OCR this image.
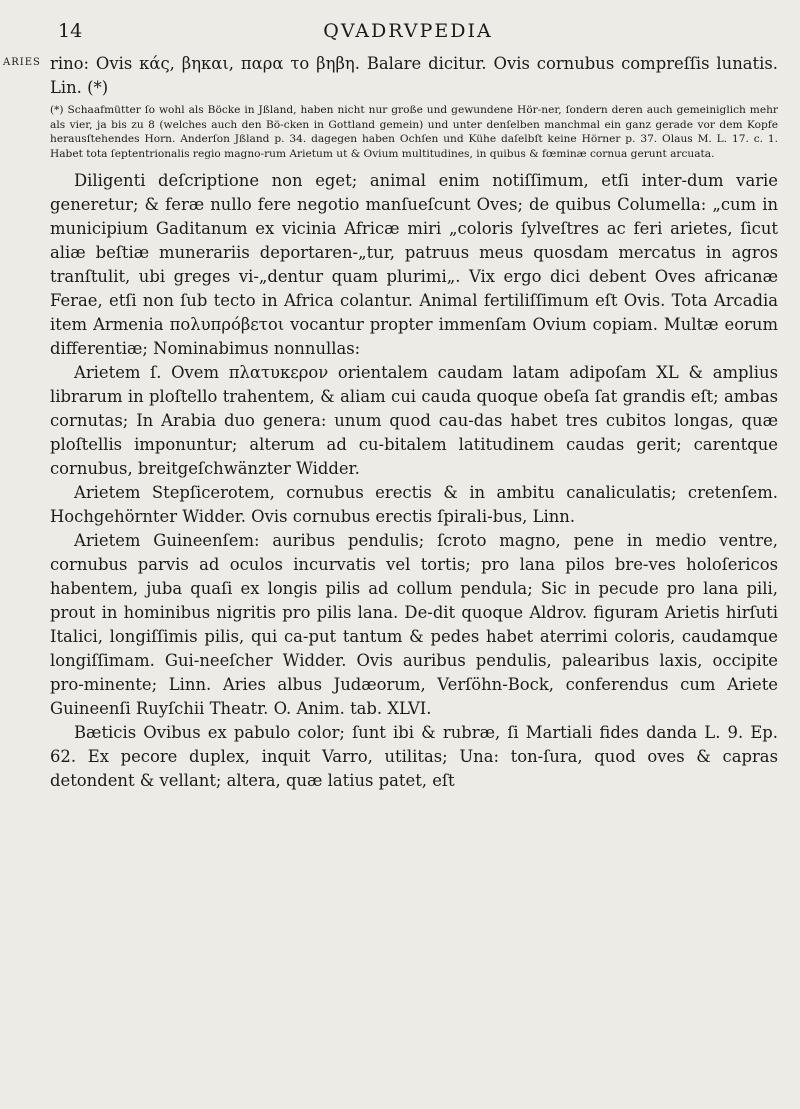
14	QVADRVPEDIA
ARIES rino: Ovis κάς, βηκαι, παρα το βηβη. Balare dicitur. Ovis cornubus compreſſis lunatis. Lin. (*)

(*) Schaafmütter ſo wohl als Böcke in Jßland, haben nicht nur große und gewundene Hör-ner, ſondern deren auch gemeiniglich mehr als vier, ja bis zu 8 (welches auch den Bö-cken in Gottland gemein) und unter denſelben manchmal ein ganz gerade vor dem Kopfe herausſtehendes Horn. Anderſon Jßland p. 34. dagegen haben Ochſen und Kühe daſelbſt keine Hörner p. 37. Olaus M. L. 17. c. 1. Habet tota ſeptentrionalis regio magno-rum Arietum ut & Ovium multitudines, in quibus & fœminæ cornua gerunt arcuata.

Diligenti deſcriptione non eget; animal enim notiſſimum, etſi inter-dum varie generetur; & feræ nullo fere negotio manſueſcunt Oves; de quibus Columella: „cum in municipium Gaditanum ex vicinia Africæ miri „coloris ſylveſtres ac feri arietes, ſicut aliæ beſtiæ munerariis deportaren-„tur, patruus meus quosdam mercatus in agros tranſtulit, ubi greges vi-„dentur quam plurimi„. Vix ergo dici debent Oves africanæ Ferae, etſi non ſub tecto in Africa colantur. Animal fertiliſſimum eſt Ovis. Tota Arcadia item Armenia πολυπρόβετοι vocantur propter immenſam Ovium copiam. Multæ eorum differentiæ; Nominabimus nonnullas:

Arietem ſ. Ovem πλατυκερον orientalem caudam latam adipoſam XL & amplius librarum in ploſtello trahentem, & aliam cui cauda quoque obeſa ſat grandis eſt; ambas cornutas; In Arabia duo genera: unum quod cau-das habet tres cubitos longas, quæ ploſtellis imponuntur; alterum ad cu-bitalem latitudinem caudas gerit; carentque cornubus, breitgeſchwänzter Widder.

Arietem Stepſicerotem, cornubus erectis & in ambitu canaliculatis; cretenſem. Hochgehörnter Widder. Ovis cornubus erectis ſpirali-bus, Linn.

Arietem Guineenſem: auribus pendulis; ſcroto magno, pene in medio ventre, cornubus parvis ad oculos incurvatis vel tortis; pro lana pilos bre-ves holoſericos habentem, juba quaſi ex longis pilis ad collum pendula; Sic in pecude pro lana pili, prout in hominibus nigritis pro pilis lana. De-dit quoque Aldrov. figuram Arietis hirſuti Italici, longiſſimis pilis, qui ca-put tantum & pedes habet aterrimi coloris, caudamque longiſſimam. Gui-neeſcher Widder. Ovis auribus pendulis, palearibus laxis, occipite pro-minente; Linn. Aries albus Judæorum, Verſöhn-Bock, conferendus cum Ariete Guineenſi Ruyſchii Theatr. O. Anim. tab. XLVI.

Bæticis Ovibus ex pabulo color; ſunt ibi & rubræ, ſi Martiali fides danda L. 9. Ep. 62. Ex pecore duplex, inquit Varro, utilitas; Una: ton-ſura, quod oves & capras detondent & vellant; altera, quæ latius patet, eſt
